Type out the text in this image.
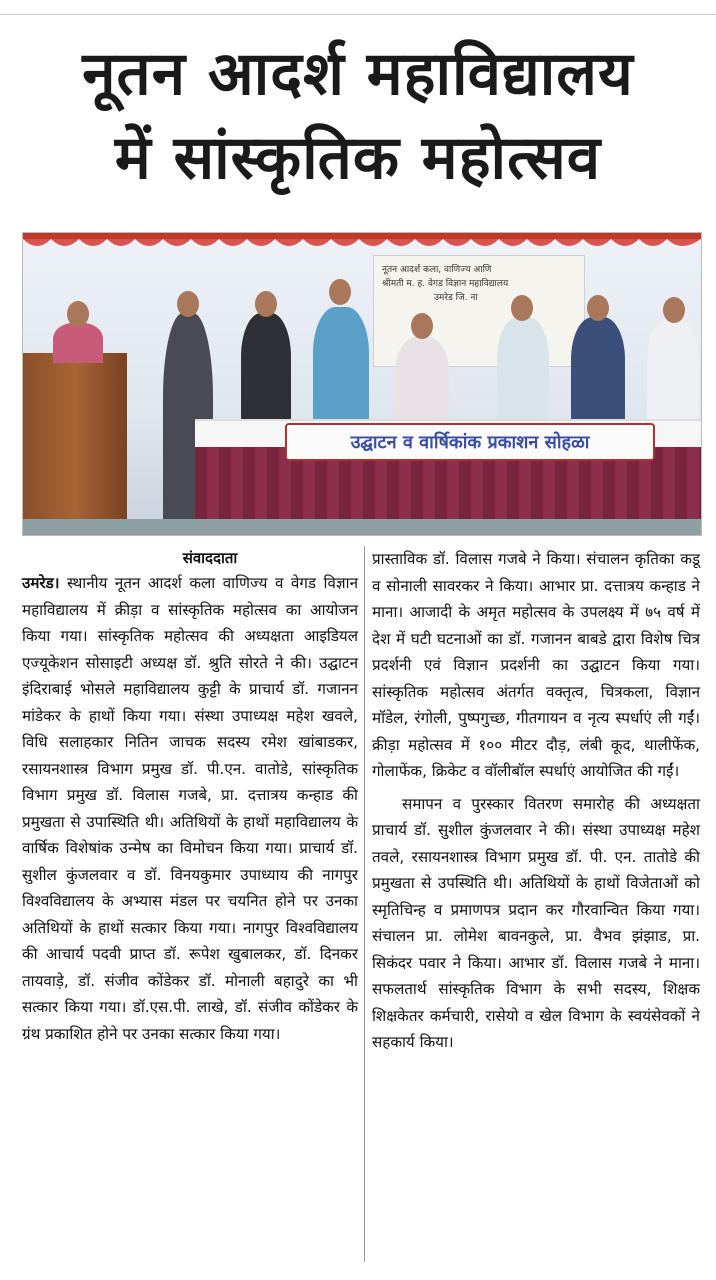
नूतन आदर्श महाविद्यालय
में सांस्कृतिक महोत्सव
नूतन आदर्श कला, वाणिज्य आणि
श्रीमती म. ह. वेगड विज्ञान महाविद्यालय
उमरेड जि. ना
उद्घाटन व वार्षिकांक प्रकाशन सोहळा
संवाददाता
उमरेड। स्थानीय नूतन आदर्श कला वाणिज्य व वेगड विज्ञान महाविद्यालय में क्रीड़ा व सांस्कृतिक महोत्सव का आयोजन किया गया। सांस्कृतिक महोत्सव की अध्यक्षता आइडियल एज्यूकेशन सोसाइटी अध्यक्ष डॉ. श्रुति सोरते ने की। उद्घाटन इंदिराबाई भोसले महाविद्यालय कुट्टी के प्राचार्य डॉ. गजानन मांडेकर के हाथों किया गया। संस्था उपाध्यक्ष महेश खवले, विधि सलाहकार नितिन जाचक सदस्य रमेश खांबाडकर, रसायनशास्त्र विभाग प्रमुख डॉ. पी.एन. वातोडे, सांस्कृतिक विभाग प्रमुख डॉ. विलास गजबे, प्रा. दत्तात्रय कन्हाड की प्रमुखता से उपास्थिति थी। अतिथियों के हाथों महाविद्यालय के वार्षिक विशेषांक उन्मेष का विमोचन किया गया। प्राचार्य डॉ. सुशील कुंजलवार व डॉ. विनयकुमार उपाध्याय की नागपुर विश्वविद्यालय के अभ्यास मंडल पर चयनित होने पर उनका अतिथियों के हाथों सत्कार किया गया। नागपुर विश्वविद्यालय की आचार्य पदवी प्राप्त डॉ. रूपेश खुबालकर, डॉ. दिनकर तायवाड़े, डॉ. संजीव कोंडेकर डॉ. मोनाली बहादुरे का भी सत्कार किया गया। डॉ.एस.पी. लाखे, डॉ. संजीव कोंडेकर के ग्रंथ प्रकाशित होने पर उनका सत्कार किया गया।
प्रास्ताविक डॉ. विलास गजबे ने किया। संचालन कृतिका कडू व सोनाली सावरकर ने किया। आभार प्रा. दत्तात्रय कन्हाड ने माना। आजादी के अमृत महोत्सव के उपलक्ष्य में ७५ वर्ष में देश में घटी घटनाओं का डॉ. गजानन बाबडे द्वारा विशेष चित्र प्रदर्शनी एवं विज्ञान प्रदर्शनी का उद्घाटन किया गया। सांस्कृतिक महोत्सव अंतर्गत वक्तृत्व, चित्रकला, विज्ञान मॉडेल, रंगोली, पुष्पगुच्छ, गीतगायन व नृत्य स्पर्धाएं ली गईं। क्रीड़ा महोत्सव में १०० मीटर दौड़, लंबी कूद, थालीफेंक, गोलाफेंक, क्रिकेट व वॉलीबॉल स्पर्धाएं आयोजित की गईं।
समापन व पुरस्कार वितरण समारोह की अध्यक्षता प्राचार्य डॉ. सुशील कुंजलवार ने की। संस्था उपाध्यक्ष महेश तवले, रसायनशास्त्र विभाग प्रमुख डॉ. पी. एन. तातोडे की प्रमुखता से उपस्थिति थी। अतिथियों के हाथों विजेताओं को स्मृतिचिन्ह व प्रमाणपत्र प्रदान कर गौरवान्वित किया गया। संचालन प्रा. लोमेश बावनकुले, प्रा. वैभव झंझाड, प्रा. सिकंदर पवार ने किया। आभार डॉ. विलास गजबे ने माना। सफलतार्थ सांस्कृतिक विभाग के सभी सदस्य, शिक्षक शिक्षकेतर कर्मचारी, रासेयो व खेल विभाग के स्वयंसेवकों ने सहकार्य किया।
